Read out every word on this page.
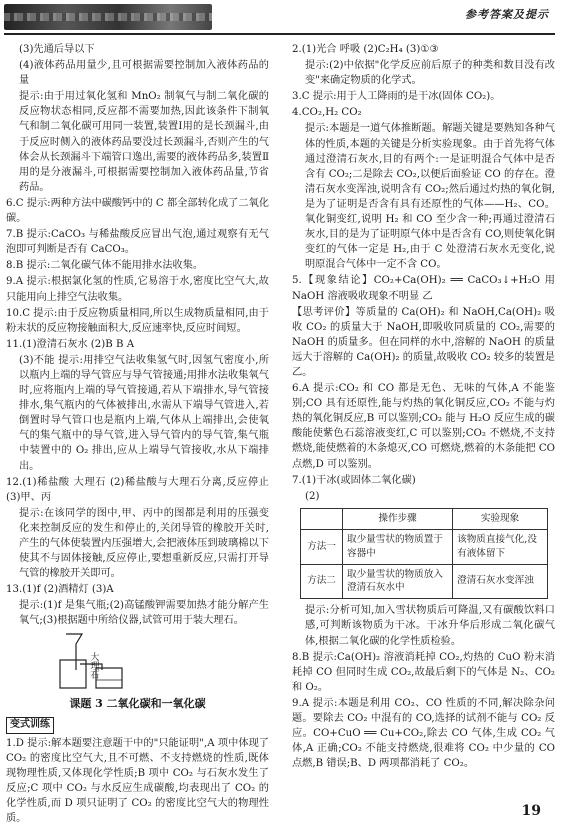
参考答案及提示
(3)先通后导以下
(4)液体药品用量少,且可根据需要控制加入液体药品的量
提示:由于用过氧化氢和 MnO₂ 制氧气与制二氧化碳的反应物状态相同,反应都不需要加热,因此该条件下制氧气和制二氧化碳可用同一装置,装置Ⅰ用的是长颈漏斗,由于反应时侧入的液体药品要没过长颈漏斗,否则产生的气体会从长颈漏斗下端管口逸出,需要的液体药品多,装置Ⅱ用的是分液漏斗,可根据需要控制加入液体药品量,节省药品。
6.C 提示:两种方法中碳酸钙中的 C 都全部转化成了二氧化碳。
7.B 提示:CaCO₃ 与稀盐酸反应冒出气泡,通过观察有无气泡即可判断是否有 CaCO₃。
8.B 提示:二氧化碳气体不能用排水法收集。
9.A 提示:根据氯化氢的性质,它易溶于水,密度比空气大,故只能用向上排空气法收集。
10.C 提示:由于反应物质量相同,所以生成物质量相同,由于粉末状的反应物接触面积大,反应速率快,反应时间短。
11.(1)澄清石灰水 (2)B B A
(3)不能 提示:用排空气法收集氢气时,因氢气密度小,所以瓶内上端的导气管应与导气管接通;用排水法收集氧气时,应将瓶内上端的导气管接通,若从下端排水,导气管接排水,集气瓶内的气体被排出,水需从下端导气管进入,若倒置时导气管口也是瓶内上端,气体从上端排出,会使氧气的集气瓶中的导气管,进入导气管内的导气管,集气瓶中装置中的 O₂ 排出,应从上端导气管接收,水从下端排出。
12.(1)稀盐酸 大理石 (2)稀盐酸与大理石分离,反应停止 (3)甲、丙
提示:在该同学的图中,甲、丙中的图都是利用的压强变化来控制反应的发生和停止的,关闭导管的橡胶开关时,产生的气体使装置内压强增大,会把液体压到玻璃棉以下使其不与固体接触,反应停止,要想重新反应,只需打开导气管的橡胶开关即可。
13.(1)f (2)酒精灯 (3)A
提示:(1)f 是集气瓶;(2)高锰酸钾需要加热才能分解产生氧气;(3)根据题中所给仪器,试管可用于装大理石。
大理石
课题 3 二氧化碳和一氧化碳
变式训练
1.D 提示:解本题要注意题干中的"只能证明",A 项中体现了 CO₂ 的密度比空气大,且不可燃、不支持燃烧的性质,既体现物理性质,又体现化学性质;B 项中 CO₂ 与石灰水发生了反应;C 项中 CO₂ 与水反应生成碳酸,均表现出了 CO₂ 的化学性质,而 D 项只证明了 CO₂ 的密度比空气大的物理性质。
2.(1)光合 呼吸 (2)C₂H₄ (3)①③
提示:(2)中依据"化学反应前后原子的种类和数目没有改变"来确定物质的化学式。
3.C 提示:用于人工降雨的是干冰(固体 CO₂)。
4.CO₂,H₂ CO₂
提示:本题是一道气体推断题。解题关键是要熟知各种气体的性质,本题的关键是分析实验现象。由于首先将气体通过澄清石灰水,目的有两个:一是证明混合气体中是否含有 CO₂;二是除去 CO₂,以便后面验证 CO 的存在。澄清石灰水变浑浊,说明含有 CO₂;然后通过灼热的氧化铜,是为了证明是否含有具有还原性的气体——H₂、CO。氧化铜变红,说明 H₂ 和 CO 至少含一种;再通过澄清石灰水,目的是为了证明原气体中是否含有 CO,则使氧化铜变红的气体一定是 H₂,由于 C 处澄清石灰水无变化,说明原混合气体中一定不含 CO。
5.【现象结论】CO₂+Ca(OH)₂ ══ CaCO₃↓+H₂O 用 NaOH 溶液吸收现象不明显 乙
【思考评价】等质量的 Ca(OH)₂ 和 NaOH,Ca(OH)₂ 吸收 CO₂ 的质量大于 NaOH,即吸收同质量的 CO₂,需要的 NaOH 的质量多。但在同样的水中,溶解的 NaOH 的质量远大于溶解的 Ca(OH)₂ 的质量,故吸收 CO₂ 较多的装置是乙。
6.A 提示:CO₂ 和 CO 都是无色、无味的气体,A 不能鉴别;CO 具有还原性,能与灼热的氧化铜反应,CO₂ 不能与灼热的氧化铜反应,B 可以鉴别;CO₂ 能与 H₂O 反应生成的碳酸能使紫色石蕊溶液变红,C 可以鉴别;CO₂ 不燃烧,不支持燃烧,能使燃着的木条熄灭,CO 可燃烧,燃着的木条能把 CO 点燃,D 可以鉴别。
7.(1)干冰(或固体二氧化碳)
(2)
	操作步骤	实验现象
方法一	取少量雪状的物质置于容器中	该物质直接气化,没有液体留下
方法二	取少量雪状的物质放入澄清石灰水中	澄清石灰水变浑浊
提示:分析可知,加入雪状物质后可降温,又有碳酸饮料口感,可判断该物质为干冰。干冰升华后形成二氧化碳气体,根据二氧化碳的化学性质检验。
8.B 提示:Ca(OH)₂ 溶液消耗掉 CO₂,灼热的 CuO 粉末消耗掉 CO 但同时生成 CO₂,故最后剩下的气体是 N₂、CO₂ 和 O₂。
9.A 提示:本题是利用 CO₂、CO 性质的不同,解决除杂问题。要除去 CO₂ 中混有的 CO,选择的试剂不能与 CO₂ 反应。CO+CuO ══ Cu+CO₂,除去 CO 气体,生成 CO₂ 气体,A 正确;CO₂ 不能支持燃烧,很难将 CO₂ 中少量的 CO 点燃,B 错误;B、D 两项都消耗了 CO₂。
19
